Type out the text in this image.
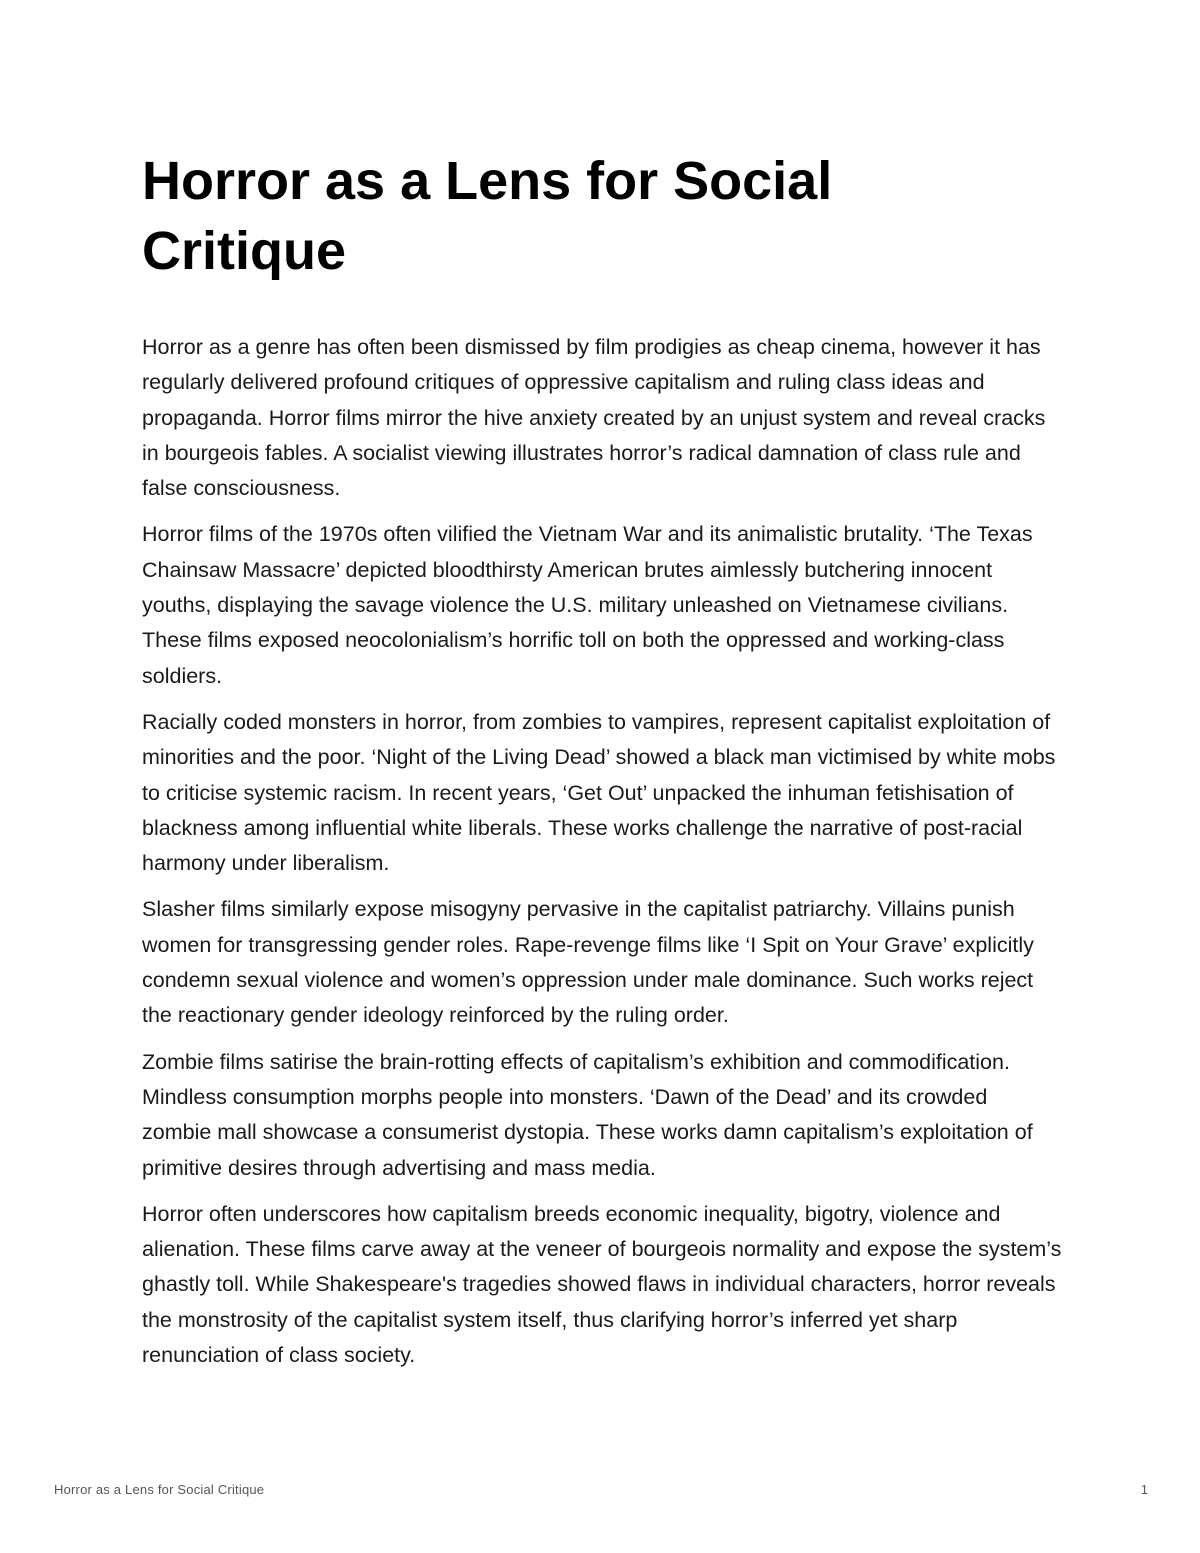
Horror as a Lens for Social Critique

Horror as a genre has often been dismissed by film prodigies as cheap cinema, however it has regularly delivered profound critiques of oppressive capitalism and ruling class ideas and propaganda. Horror films mirror the hive anxiety created by an unjust system and reveal cracks in bourgeois fables. A socialist viewing illustrates horror’s radical damnation of class rule and false consciousness.

Horror films of the 1970s often vilified the Vietnam War and its animalistic brutality. ‘The Texas Chainsaw Massacre’ depicted bloodthirsty American brutes aimlessly butchering innocent youths, displaying the savage violence the U.S. military unleashed on Vietnamese civilians. These films exposed neocolonialism’s horrific toll on both the oppressed and working-class soldiers.

Racially coded monsters in horror, from zombies to vampires, represent capitalist exploitation of minorities and the poor. ‘Night of the Living Dead’ showed a black man victimised by white mobs to criticise systemic racism. In recent years, ‘Get Out’ unpacked the inhuman fetishisation of blackness among influential white liberals. These works challenge the narrative of post-racial harmony under liberalism.

Slasher films similarly expose misogyny pervasive in the capitalist patriarchy. Villains punish women for transgressing gender roles. Rape-revenge films like ‘I Spit on Your Grave’ explicitly condemn sexual violence and women’s oppression under male dominance. Such works reject the reactionary gender ideology reinforced by the ruling order.

Zombie films satirise the brain-rotting effects of capitalism’s exhibition and commodification. Mindless consumption morphs people into monsters. ‘Dawn of the Dead’ and its crowded zombie mall showcase a consumerist dystopia. These works damn capitalism’s exploitation of primitive desires through advertising and mass media.

Horror often underscores how capitalism breeds economic inequality, bigotry, violence and alienation. These films carve away at the veneer of bourgeois normality and expose the system’s ghastly toll. While Shakespeare's tragedies showed flaws in individual characters, horror reveals the monstrosity of the capitalist system itself, thus clarifying horror’s inferred yet sharp renunciation of class society.

Horror as a Lens for Social Critique	1
